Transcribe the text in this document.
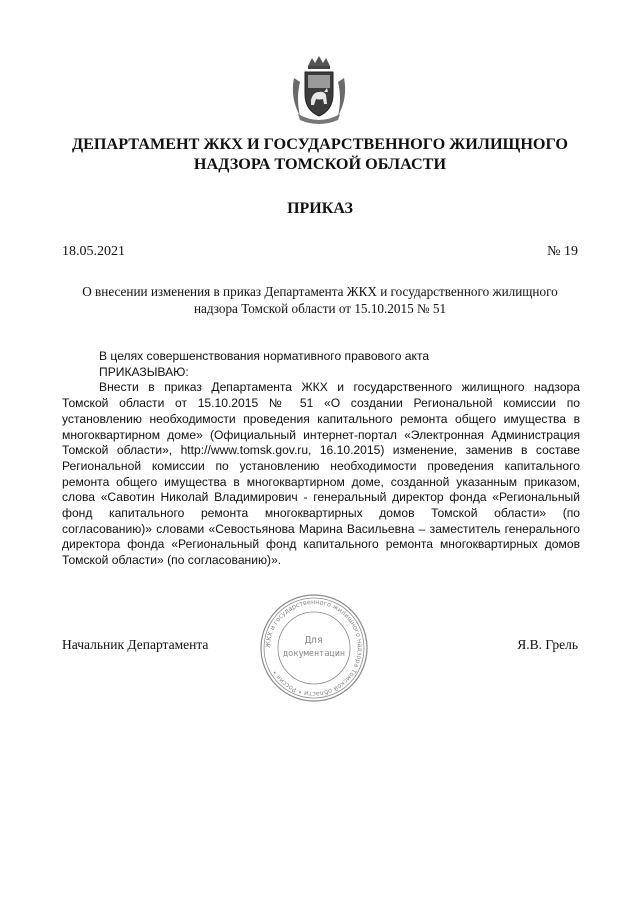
ДЕПАРТАМЕНТ ЖКХ И ГОСУДАРСТВЕННОГО ЖИЛИЩНОГО
НАДЗОРА ТОМСКОЙ ОБЛАСТИ
ПРИКАЗ
18.05.2021	№ 19
О внесении изменения в приказ Департамента ЖКХ и государственного жилищного
надзора Томской области от 15.10.2015 № 51

В целях совершенствования нормативного правового акта

ПРИКАЗЫВАЮ:

Внести в приказ Департамента ЖКХ и государственного жилищного надзора Томской области от 15.10.2015 № 51 «О создании Региональной комиссии по установлению необходимости проведения капитального ремонта общего имущества в многоквартирном доме» (Официальный интернет-портал «Электронная Администрация Томской области», http://www.tomsk.gov.ru, 16.10.2015) изменение, заменив в составе Региональной комиссии по установлению необходимости проведения капитального ремонта общего имущества в многоквартирном доме, созданной указанным приказом, слова «Савотин Николай Владимирович - генеральный директор фонда «Региональный фонд капитального ремонта многоквартирных домов Томской области» (по согласованию)» словами «Севостьянова Марина Васильевна – заместитель генерального директора фонда «Региональный фонд капитального ремонта многоквартирных домов Томской области» (по согласованию)».

Начальник Департамента	Я.В. Грель
ЖКХ и государственного жилищного надзора Томской области • Россия •
Для
документацин
